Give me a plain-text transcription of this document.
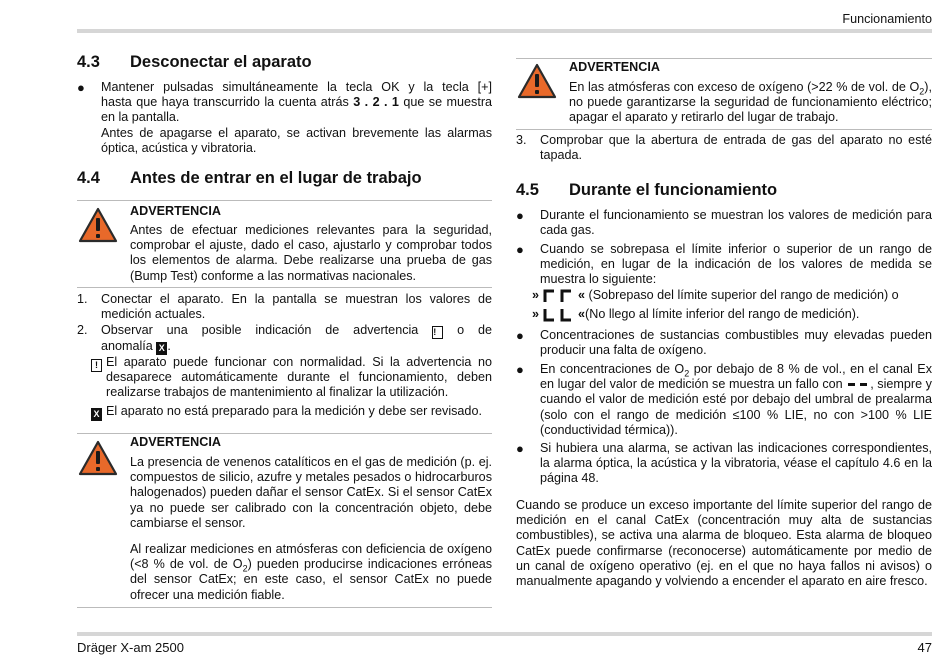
Funcionamiento
Dräger X-am 2500	47
4.3 Desconectar el aparato
● Mantener pulsadas simultáneamente la tecla OK y la tecla [+]
hasta que haya transcurrido la cuenta atrás 3 . 2 . 1 que se muestra
en la pantalla.
Antes de apagarse el aparato, se activan brevemente las alarmas óptica, acústica y vibratoria.
4.4 Antes de entrar en el lugar de trabajo
ADVERTENCIA
Antes de efectuar mediciones relevantes para la seguridad, comprobar el ajuste, dado el caso, ajustarlo y comprobar todos los elementos de alarma. Debe realizarse una prueba de gas (Bump Test) conforme a las normativas nacionales.
1. Conectar el aparato. En la pantalla se muestran los valores de medición actuales.
2. Observar una posible indicación de advertencia ! o de
anomalía X .
! El aparato puede funcionar con normalidad. Si la advertencia no desaparece automáticamente durante el funcionamiento, deben realizarse trabajos de mantenimiento al finalizar la utilización.
X El aparato no está preparado para la medición y debe ser revisado.
ADVERTENCIA
La presencia de venenos catalíticos en el gas de medición (p. ej. compuestos de silicio, azufre y metales pesados o hidrocarburos halogenados) pueden dañar el sensor CatEx. Si el sensor CatEx ya no puede ser calibrado con la concentración objeto, debe cambiarse el sensor.
Al realizar mediciones en atmósferas con deficiencia de oxígeno (<8 % de vol. de $O_2$) pueden producirse indicaciones erróneas del sensor CatEx; en este caso, el sensor CatEx no puede ofrecer una medición fiable.
ADVERTENCIA
En las atmósferas con exceso de oxígeno (>22 % de vol. de $O_2$), no puede garantizarse la seguridad de funcionamiento eléctrico; apagar el aparato y retirarlo del lugar de trabajo.
3. Comprobar que la abertura de entrada de gas del aparato no esté tapada.
4.5 Durante el funcionamiento
● Durante el funcionamiento se muestran los valores de medición para cada gas.
● Cuando se sobrepasa el límite inferior o superior de un rango de medición, en lugar de la indicación de los valores de medida se muestra lo siguiente:
»	« (Sobrepaso del límite superior del rango de medición) o
»	«(No llego al límite inferior del rango de medición).
● Concentraciones de sustancias combustibles muy elevadas pueden producir una falta de oxígeno.
● En concentraciones de $O_2$ por debajo de 8 % de vol., en el canal Ex en lugar del valor de medición se muestra un fallo con , siempre y cuando el valor de medición esté por debajo del umbral de prealarma (solo con el rango de medición ≤100 % LIE, no con >100 % LIE (conductividad térmica)).
● Si hubiera una alarma, se activan las indicaciones correspondientes, la alarma óptica, la acústica y la vibratoria, véase el capítulo 4.6 en la página 48.
Cuando se produce un exceso importante del límite superior del rango de medición en el canal CatEx (concentración muy alta de sustancias combustibles), se activa una alarma de bloqueo. Esta alarma de bloqueo CatEx puede confirmarse (reconocerse) automáticamente por medio de un canal de oxígeno operativo (ej. en el que no haya fallos ni avisos) o manualmente apagando y volviendo a encender el aparato en aire fresco.
